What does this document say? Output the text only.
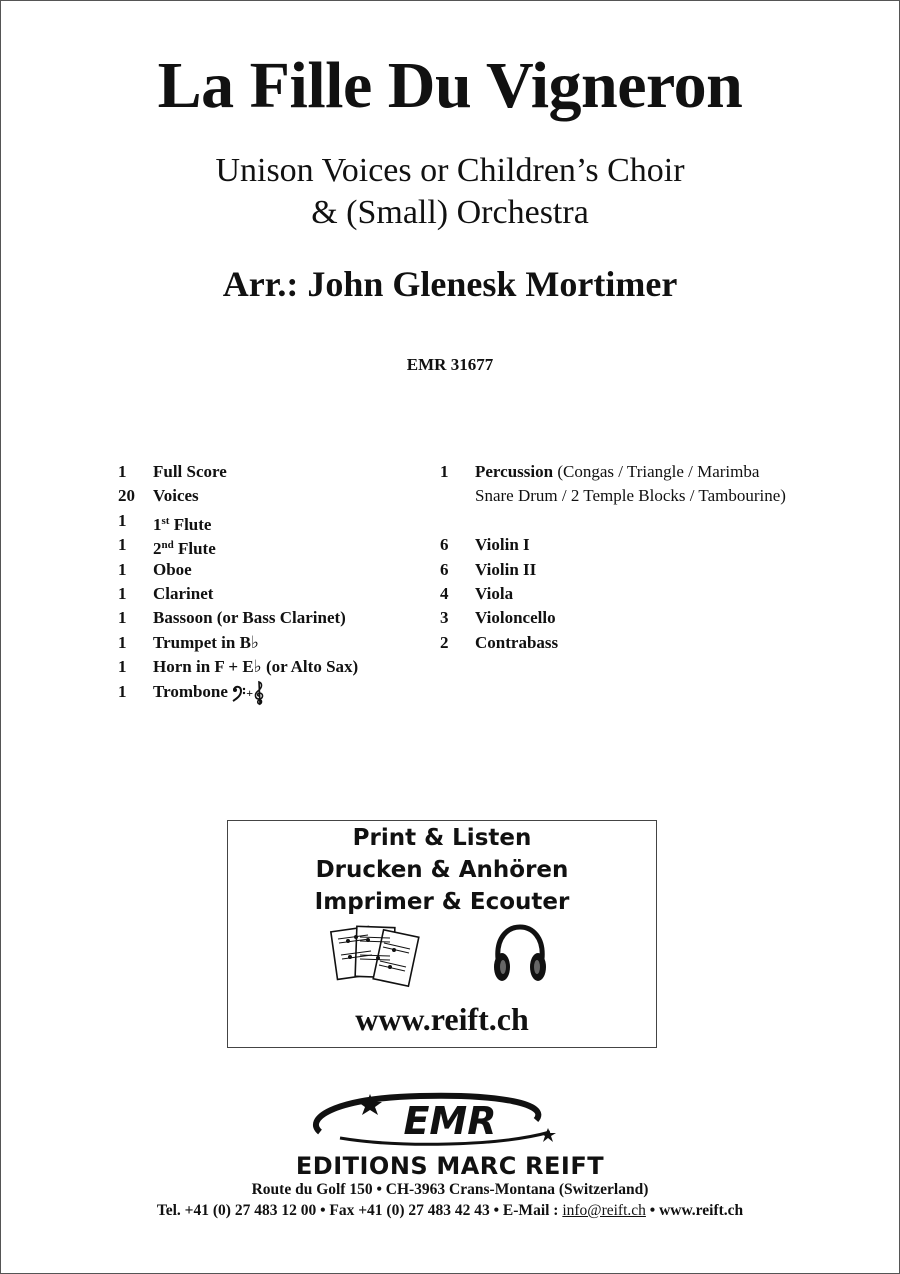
La Fille Du Vigneron
Unison Voices or Children’s Choir
& (Small) Orchestra
Arr.: John Glenesk Mortimer
EMR 31677
1 Full Score
20 Voices
1 1st Flute
1 2nd Flute
1 Oboe
1 Clarinet
1 Bassoon (or Bass Clarinet)
1 Trumpet in B♭
1 Horn in F + E♭ (or Alto Sax)
1 Trombone +
1 Percussion (Congas / Triangle / Marimba
Snare Drum / 2 Temple Blocks / Tambourine)
6 Violin I
6 Violin II
4 Viola
3 Violoncello
2 Contrabass
Print & Listen
Drucken & Anhören
Imprimer & Ecouter
www.reift.ch
EMR
EDITIONS MARC REIFT
Route du Golf 150 • CH-3963 Crans-Montana (Switzerland)
Tel. +41 (0) 27 483 12 00 • Fax +41 (0) 27 483 42 43 • E-Mail : info@reift.ch • www.reift.ch
